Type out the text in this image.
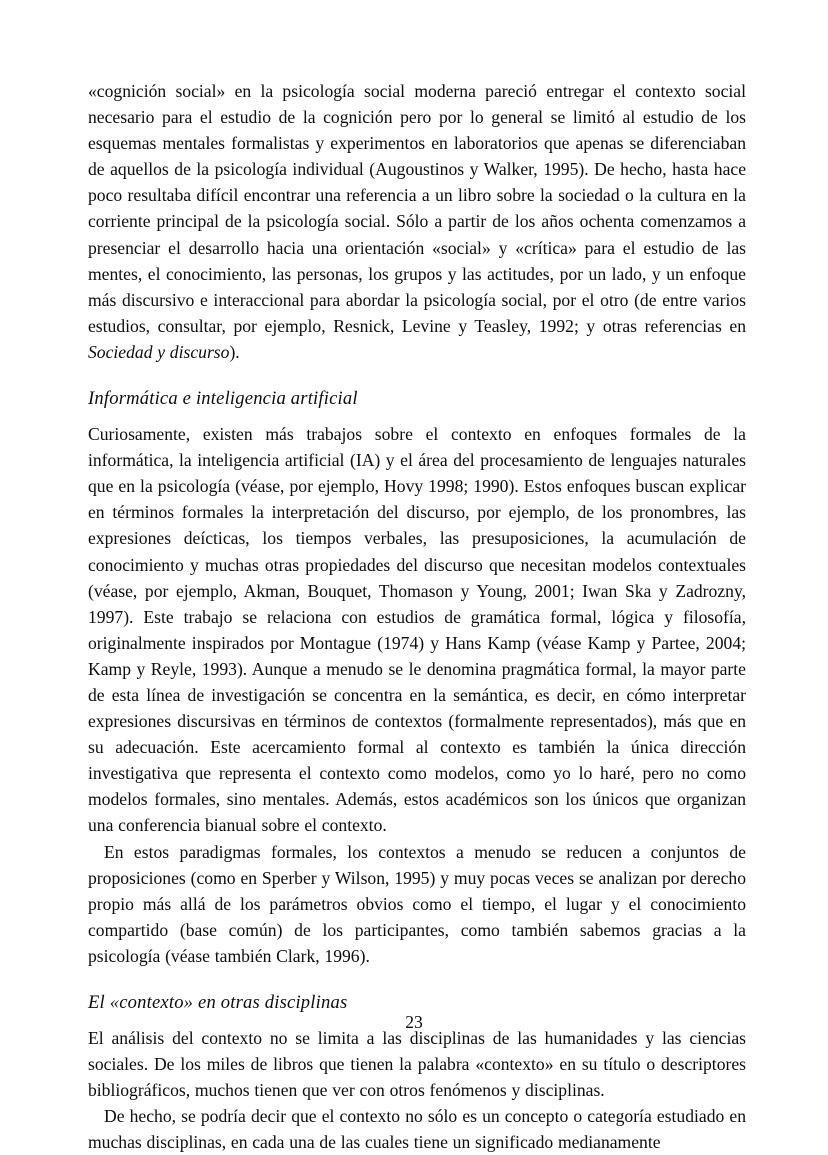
«cognición social» en la psicología social moderna pareció entregar el contexto social necesario para el estudio de la cognición pero por lo general se limitó al estudio de los esquemas mentales formalistas y experimentos en laboratorios que apenas se diferenciaban de aquellos de la psicología individual (Augoustinos y Walker, 1995). De hecho, hasta hace poco resultaba difícil encontrar una referencia a un libro sobre la sociedad o la cultura en la corriente principal de la psicología social. Sólo a partir de los años ochenta comenzamos a presenciar el desarrollo hacia una orientación «social» y «crítica» para el estudio de las mentes, el conocimiento, las personas, los grupos y las actitudes, por un lado, y un enfoque más discursivo e interaccional para abordar la psicología social, por el otro (de entre varios estudios, consultar, por ejemplo, Resnick, Levine y Teasley, 1992; y otras referencias en Sociedad y discurso).

Informática e inteligencia artificial

Curiosamente, existen más trabajos sobre el contexto en enfoques formales de la informática, la inteligencia artificial (IA) y el área del procesamiento de lenguajes naturales que en la psicología (véase, por ejemplo, Hovy 1998; 1990). Estos enfoques buscan explicar en términos formales la interpretación del discurso, por ejemplo, de los pronombres, las expresiones deícticas, los tiempos verbales, las presuposiciones, la acumulación de conocimiento y muchas otras propiedades del discurso que necesitan modelos contextuales (véase, por ejemplo, Akman, Bouquet, Thomason y Young, 2001; Iwan Ska y Zadrozny, 1997). Este trabajo se relaciona con estudios de gramática formal, lógica y filosofía, originalmente inspirados por Montague (1974) y Hans Kamp (véase Kamp y Partee, 2004; Kamp y Reyle, 1993). Aunque a menudo se le denomina pragmática formal, la mayor parte de esta línea de investigación se concentra en la semántica, es decir, en cómo interpretar expresiones discursivas en términos de contextos (formalmente representados), más que en su adecuación. Este acercamiento formal al contexto es también la única dirección investigativa que representa el contexto como modelos, como yo lo haré, pero no como modelos formales, sino mentales. Además, estos académicos son los únicos que organizan una conferencia bianual sobre el contexto.

En estos paradigmas formales, los contextos a menudo se reducen a conjuntos de proposiciones (como en Sperber y Wilson, 1995) y muy pocas veces se analizan por derecho propio más allá de los parámetros obvios como el tiempo, el lugar y el conocimiento compartido (base común) de los participantes, como también sabemos gracias a la psicología (véase también Clark, 1996).

El «contexto» en otras disciplinas

El análisis del contexto no se limita a las disciplinas de las humanidades y las ciencias sociales. De los miles de libros que tienen la palabra «contexto» en su título o descriptores bibliográficos, muchos tienen que ver con otros fenómenos y disciplinas.

De hecho, se podría decir que el contexto no sólo es un concepto o categoría estudiado en muchas disciplinas, en cada una de las cuales tiene un significado medianamente

23
